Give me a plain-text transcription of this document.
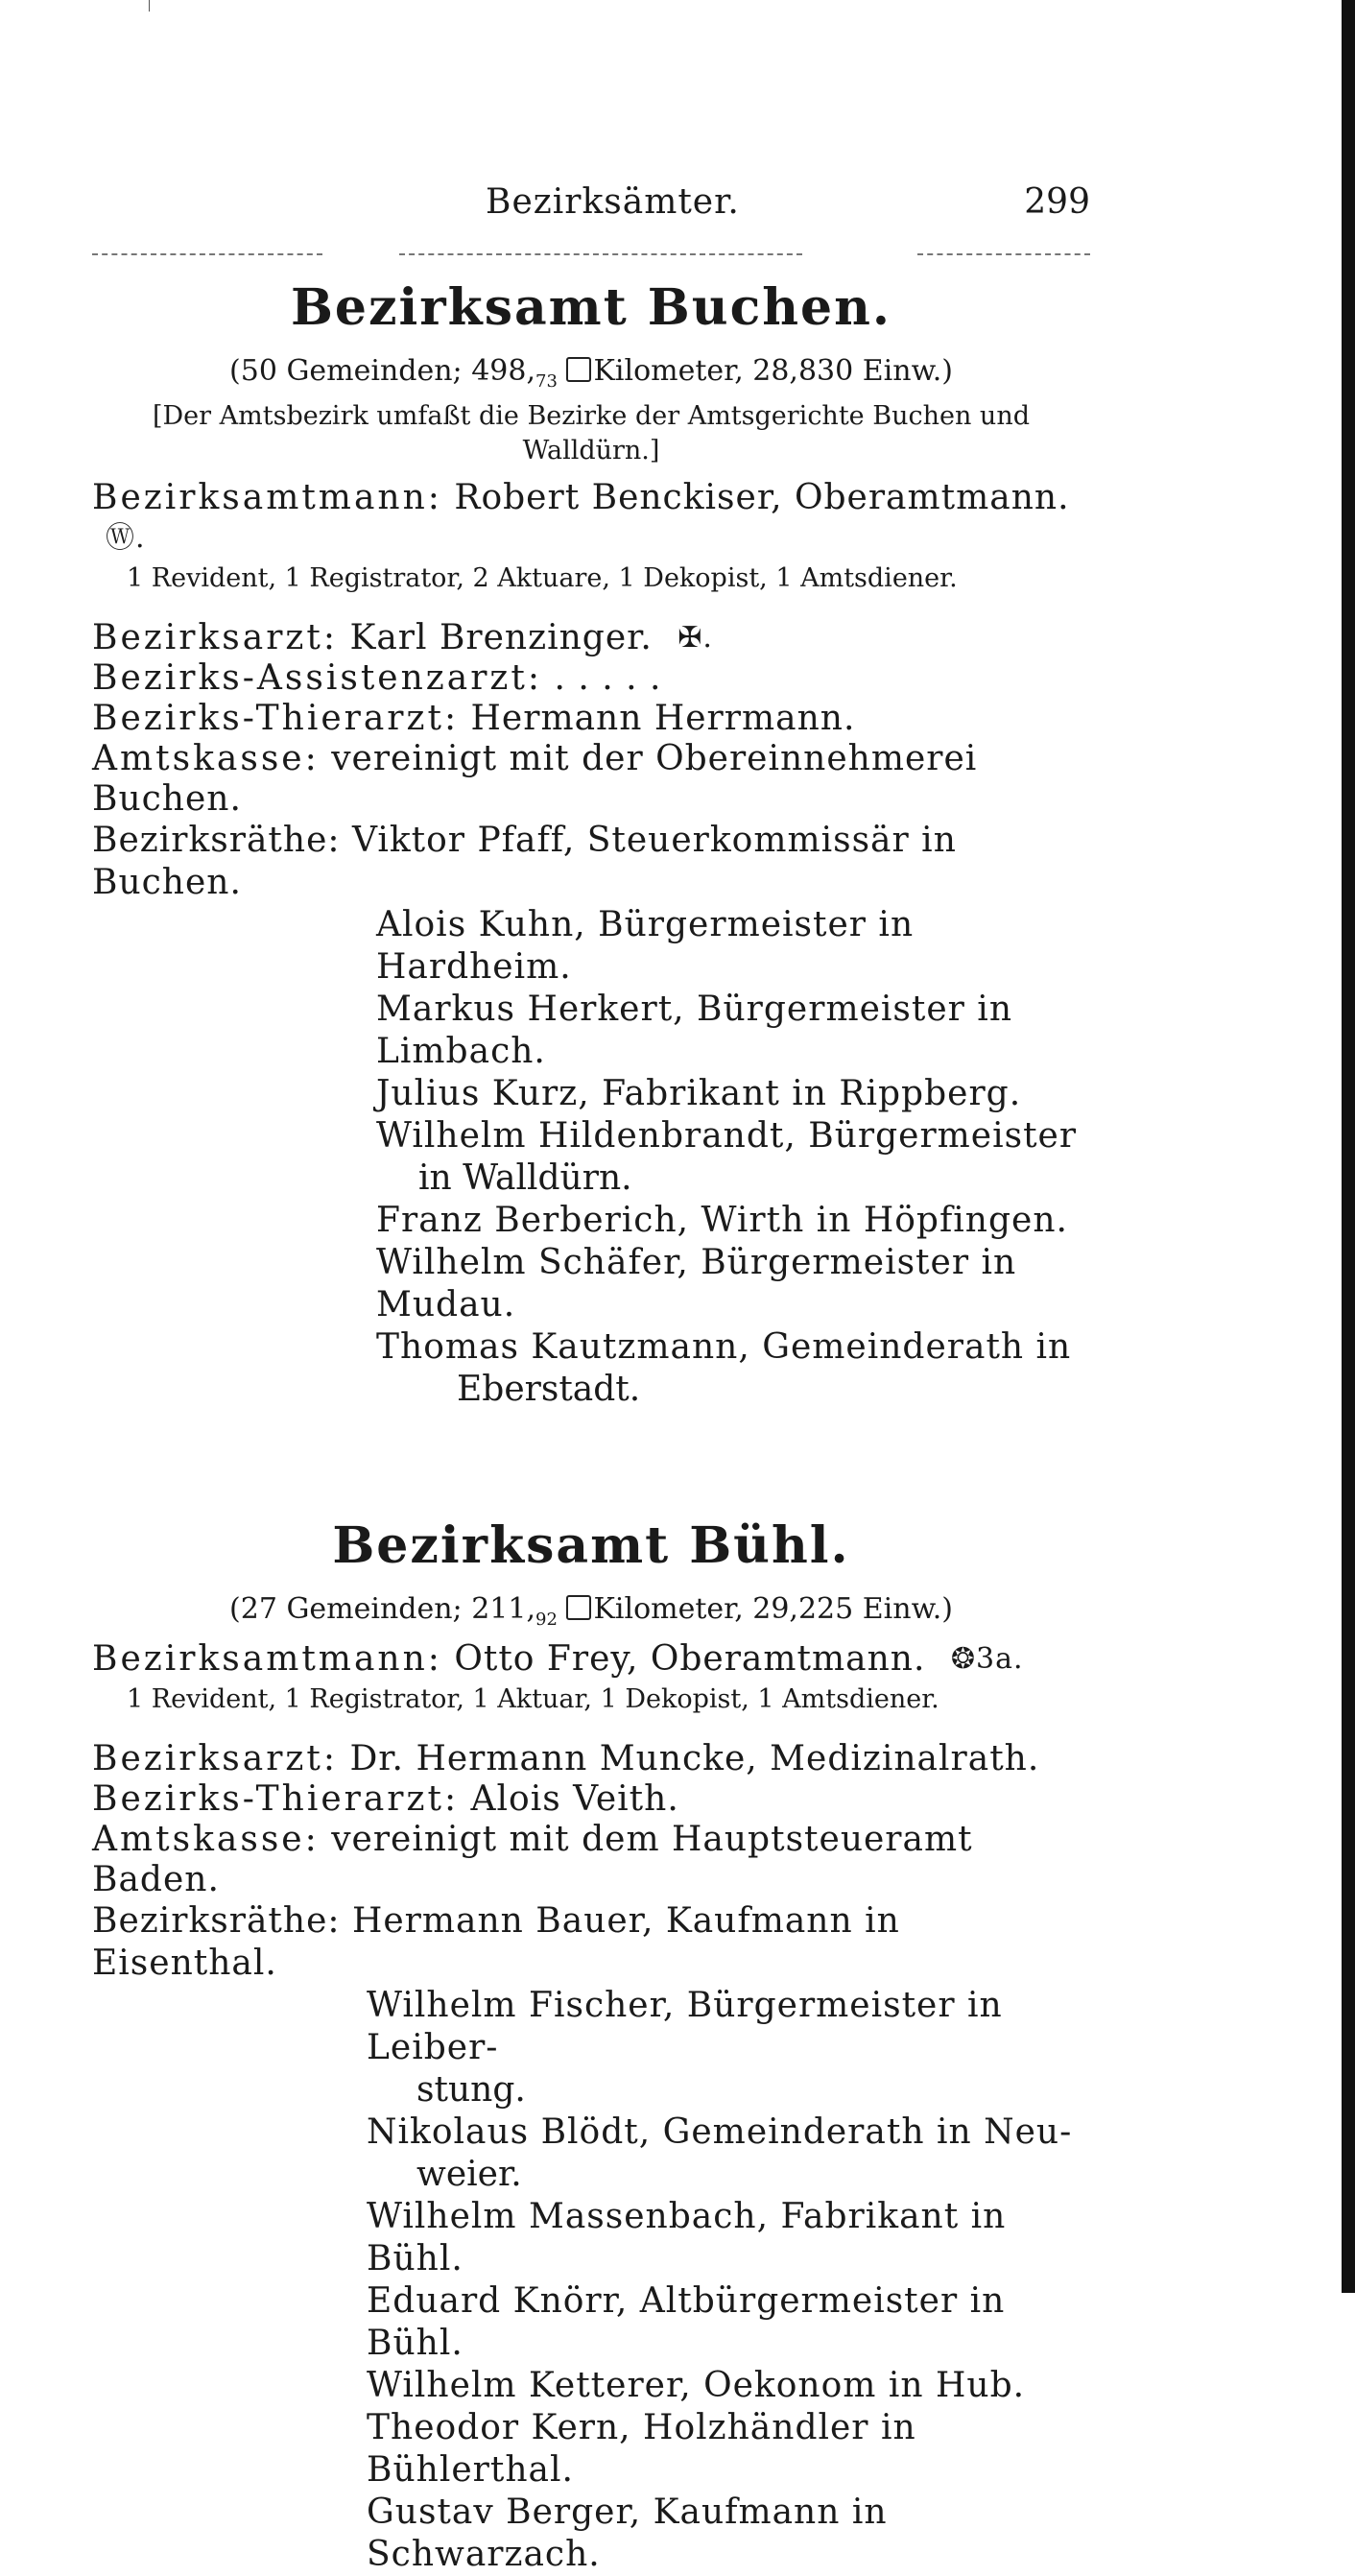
Bezirksämter.	299
Bezirksamt Buchen.
(50 Gemeinden; $498,_{73}$ Kilometer, 28,830 Einw.)
[Der Amtsbezirk umfaßt die Bezirke der Amtsgerichte Buchen und Walldürn.]
Bezirksamtmann: Robert Benckiser, Oberamtmann. Ⓦ.
1 Revident, 1 Registrator, 2 Aktuare, 1 Dekopist, 1 Amtsdiener.
Bezirksarzt: Karl Brenzinger. ✠.
Bezirks-Assistenzarzt: . . . . .
Bezirks-Thierarzt: Hermann Herrmann.
Amtskasse: vereinigt mit der Obereinnehmerei Buchen.
Bezirksräthe: Viktor Pfaff, Steuerkommissär in Buchen.
Alois Kuhn, Bürgermeister in Hardheim.
Markus Herkert, Bürgermeister in Limbach.
Julius Kurz, Fabrikant in Rippberg.
Wilhelm Hildenbrandt, Bürgermeister
in Walldürn.
Franz Berberich, Wirth in Höpfingen.
Wilhelm Schäfer, Bürgermeister in Mudau.
Thomas Kautzmann, Gemeinderath in
Eberstadt.
Bezirksamt Bühl.
(27 Gemeinden; $211,_{92}$ Kilometer, 29,225 Einw.)
Bezirksamtmann: Otto Frey, Oberamtmann. ❂3a.
1 Revident, 1 Registrator, 1 Aktuar, 1 Dekopist, 1 Amtsdiener.
Bezirksarzt: Dr. Hermann Muncke, Medizinalrath.
Bezirks-Thierarzt: Alois Veith.
Amtskasse: vereinigt mit dem Hauptsteueramt Baden.
Bezirksräthe: Hermann Bauer, Kaufmann in Eisenthal.
Wilhelm Fischer, Bürgermeister in Leiber-
stung.
Nikolaus Blödt, Gemeinderath in Neu-
weier.
Wilhelm Massenbach, Fabrikant in Bühl.
Eduard Knörr, Altbürgermeister in Bühl.
Wilhelm Ketterer, Oekonom in Hub.
Theodor Kern, Holzhändler in Bühlerthal.
Gustav Berger, Kaufmann in Schwarzach.
